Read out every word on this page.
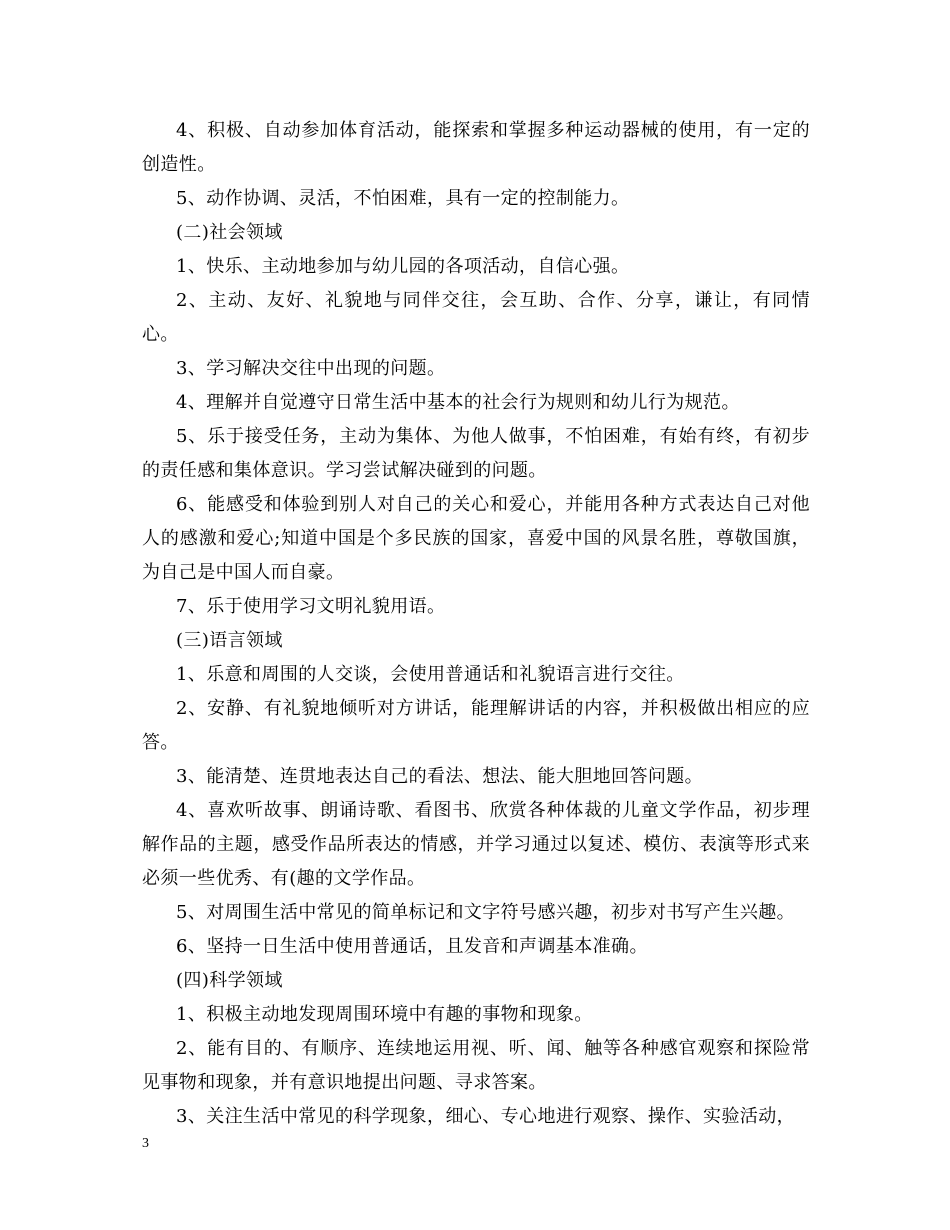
4、积极、自动参加体育活动，能探索和掌握多种运动器械的使用，有一定的创造性。

5、动作协调、灵活，不怕困难，具有一定的控制能力。

(二)社会领域

1、快乐、主动地参加与幼儿园的各项活动，自信心强。

2、主动、友好、礼貌地与同伴交往，会互助、合作、分享，谦让，有同情心。

3、学习解决交往中出现的问题。

4、理解并自觉遵守日常生活中基本的社会行为规则和幼儿行为规范。

5、乐于接受任务，主动为集体、为他人做事，不怕困难，有始有终，有初步的责任感和集体意识。学习尝试解决碰到的问题。

6、能感受和体验到别人对自己的关心和爱心，并能用各种方式表达自己对他人的感激和爱心;知道中国是个多民族的国家，喜爱中国的风景名胜，尊敬国旗，为自己是中国人而自豪。

7、乐于使用学习文明礼貌用语。

(三)语言领域

1、乐意和周围的人交谈，会使用普通话和礼貌语言进行交往。

2、安静、有礼貌地倾听对方讲话，能理解讲话的内容，并积极做出相应的应答。

3、能清楚、连贯地表达自己的看法、想法、能大胆地回答问题。

4、喜欢听故事、朗诵诗歌、看图书、欣赏各种体裁的儿童文学作品，初步理解作品的主题，感受作品所表达的情感，并学习通过以复述、模仿、表演等形式来必须一些优秀、有(趣的文学作品。

5、对周围生活中常见的简单标记和文字符号感兴趣，初步对书写产生兴趣。

6、坚持一日生活中使用普通话，且发音和声调基本准确。

(四)科学领域

1、积极主动地发现周围环境中有趣的事物和现象。

2、能有目的、有顺序、连续地运用视、听、闻、触等各种感官观察和探险常见事物和现象，并有意识地提出问题、寻求答案。

3、关注生活中常见的科学现象，细心、专心地进行观察、操作、实验活动，

3
